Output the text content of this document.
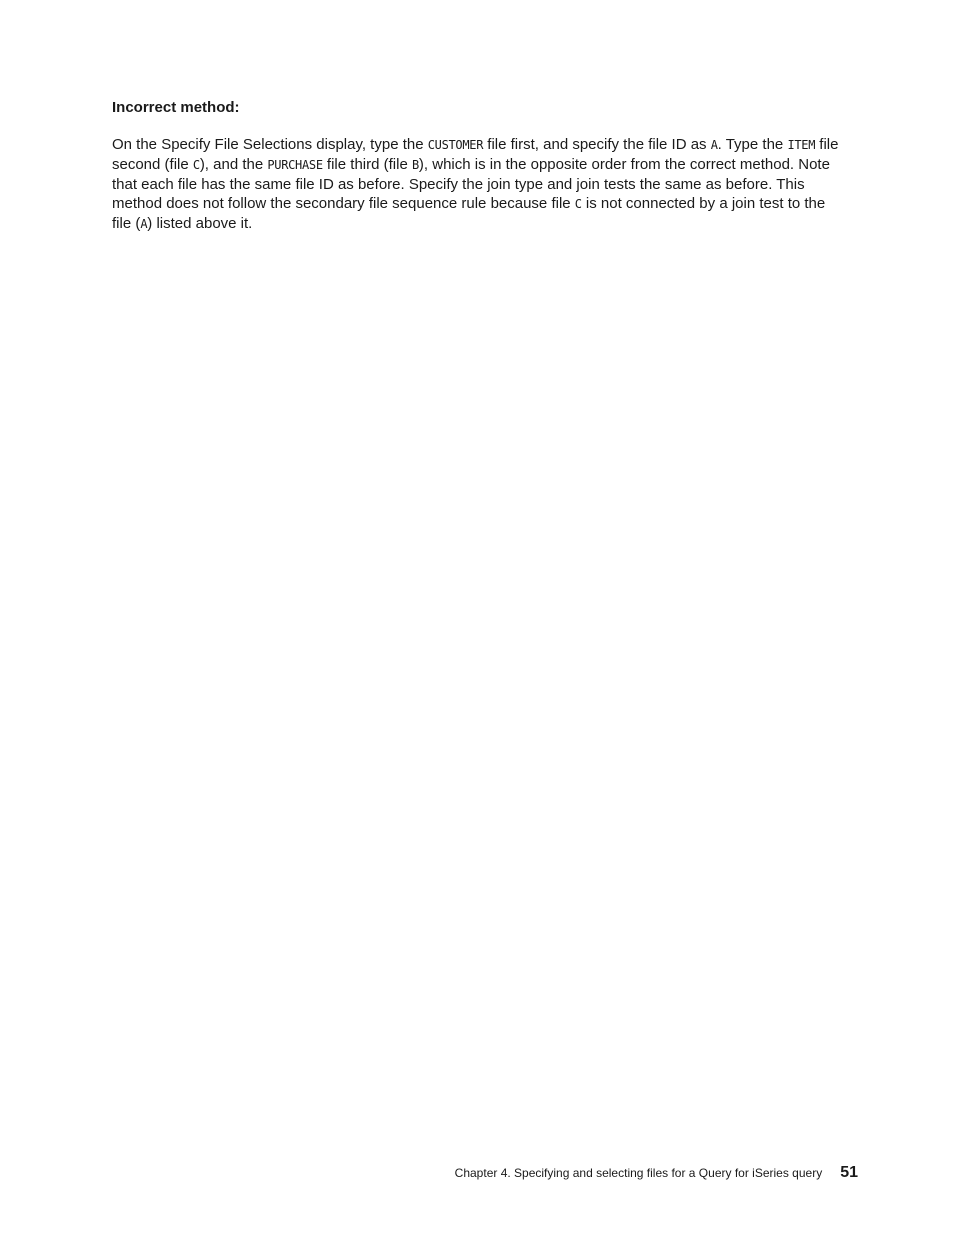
Incorrect method:

On the Specify File Selections display, type the CUSTOMER file first, and specify the file ID as A. Type the ITEM file second (file C), and the PURCHASE file third (file B), which is in the opposite order from the correct method. Note that each file has the same file ID as before. Specify the join type and join tests the same as before. This method does not follow the secondary file sequence rule because file C is not connected by a join test to the file (A) listed above it.

Chapter 4. Specifying and selecting files for a Query for iSeries query 51
